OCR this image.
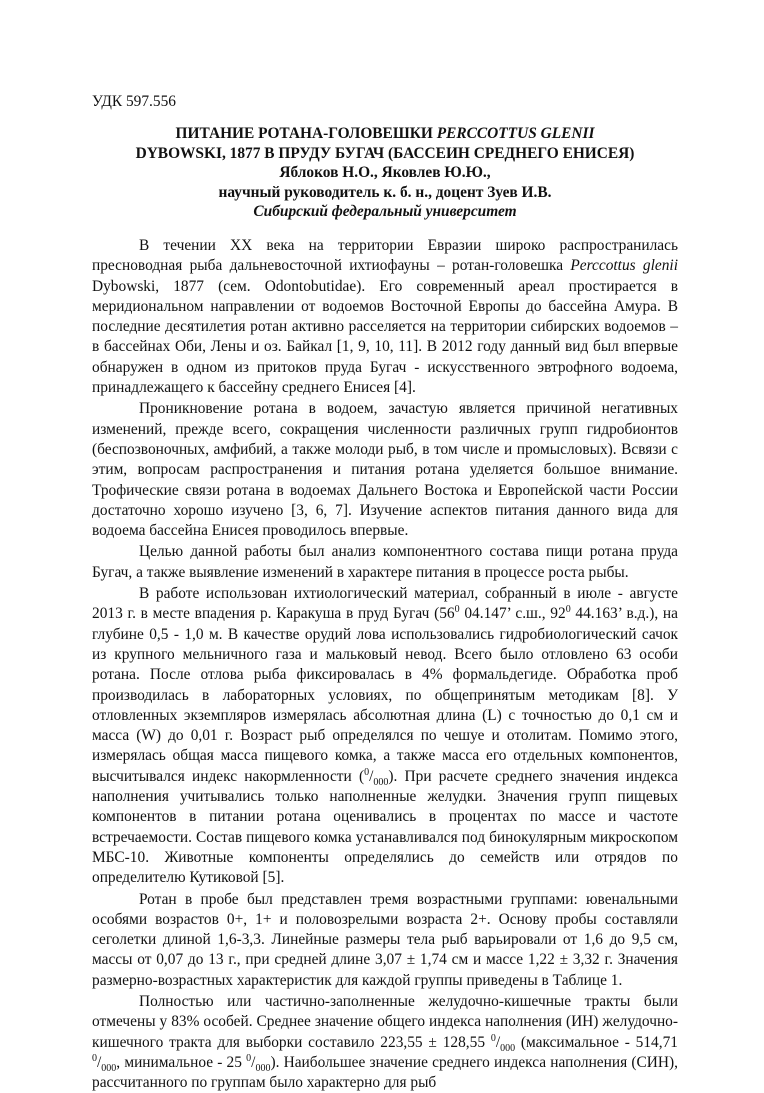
УДК 597.556
ПИТАНИЕ РОТАНА-ГОЛОВЕШКИ PERCCOTTUS GLENII
DYBOWSKI, 1877 В ПРУДУ БУГАЧ (БАССЕИН СРЕДНЕГО ЕНИСЕЯ)
Яблоков Н.О., Яковлев Ю.Ю.,
научный руководитель к. б. н., доцент Зуев И.В.
Сибирский федеральный университет

В течении XX века на территории Евразии широко распространилась пресноводная рыба дальневосточной ихтиофауны – ротан-головешка Perccottus glenii Dybowski, 1877 (сем. Odontobutidae). Его современный ареал простирается в меридиональном направлении от водоемов Восточной Европы до бассейна Амура. В последние десятилетия ротан активно расселяется на территории сибирских водоемов – в бассейнах Оби, Лены и оз. Байкал [1, 9, 10, 11]. В 2012 году данный вид был впервые обнаружен в одном из притоков пруда Бугач - искусственного эвтрофного водоема, принадлежащего к бассейну среднего Енисея [4].

Проникновение ротана в водоем, зачастую является причиной негативных изменений, прежде всего, сокращения численности различных групп гидробионтов (беспозвоночных, амфибий, а также молоди рыб, в том числе и промысловых). Всвязи с этим, вопросам распространения и питания ротана уделяется большое внимание. Трофические связи ротана в водоемах Дальнего Востока и Европейской части России достаточно хорошо изучено [3, 6, 7]. Изучение аспектов питания данного вида для водоема бассейна Енисея проводилось впервые.

Целью данной работы был анализ компонентного состава пищи ротана пруда Бугач, а также выявление изменений в характере питания в процессе роста рыбы.

В работе использован ихтиологический материал, собранный в июле - августе 2013 г. в месте впадения р. Каракуша в пруд Бугач ($56^0$ 04.147’ с.ш., $92^0$ 44.163’ в.д.), на глубине 0,5 - 1,0 м. В качестве орудий лова использовались гидробиологический сачок из крупного мельничного газа и мальковый невод. Всего было отловлено 63 особи ротана. После отлова рыба фиксировалась в 4% формальдегиде. Обработка проб производилась в лабораторных условиях, по общепринятым методикам [8]. У отловленных экземпляров измерялась абсолютная длина (L) с точностью до 0,1 см и масса (W) до 0,01 г. Возраст рыб определялся по чешуе и отолитам. Помимо этого, измерялась общая масса пищевого комка, а также масса его отдельных компонентов, высчитывался индекс накормленности $(^0/_{000})$. При расчете среднего значения индекса наполнения учитывались только наполненные желудки. Значения групп пищевых компонентов в питании ротана оценивались в процентах по массе и частоте встречаемости. Состав пищевого комка устанавливался под бинокулярным микроскопом МБС-10. Животные компоненты определялись до семейств или отрядов по определителю Кутиковой [5].

Ротан в пробе был представлен тремя возрастными группами: ювенальными особями возрастов 0+, 1+ и половозрелыми возраста 2+. Основу пробы составляли сеголетки длиной 1,6-3,3. Линейные размеры тела рыб варьировали от 1,6 до 9,5 см, массы от 0,07 до 13 г., при средней длине 3,07 ± 1,74 см и массе 1,22 ± 3,32 г. Значения размерно-возрастных характеристик для каждой группы приведены в Таблице 1.

Полностью или частично-заполненные желудочно-кишечные тракты были отмечены у 83% особей. Среднее значение общего индекса наполнения (ИН) желудочно-кишечного тракта для выборки составило 223,55 ± 128,55 $^0/_{000}$ (максимальное - 514,71 $^0/_{000}$, минимальное - 25 $^0/_{000}$). Наибольшее значение среднего индекса наполнения (СИН), рассчитанного по группам было характерно для рыб
